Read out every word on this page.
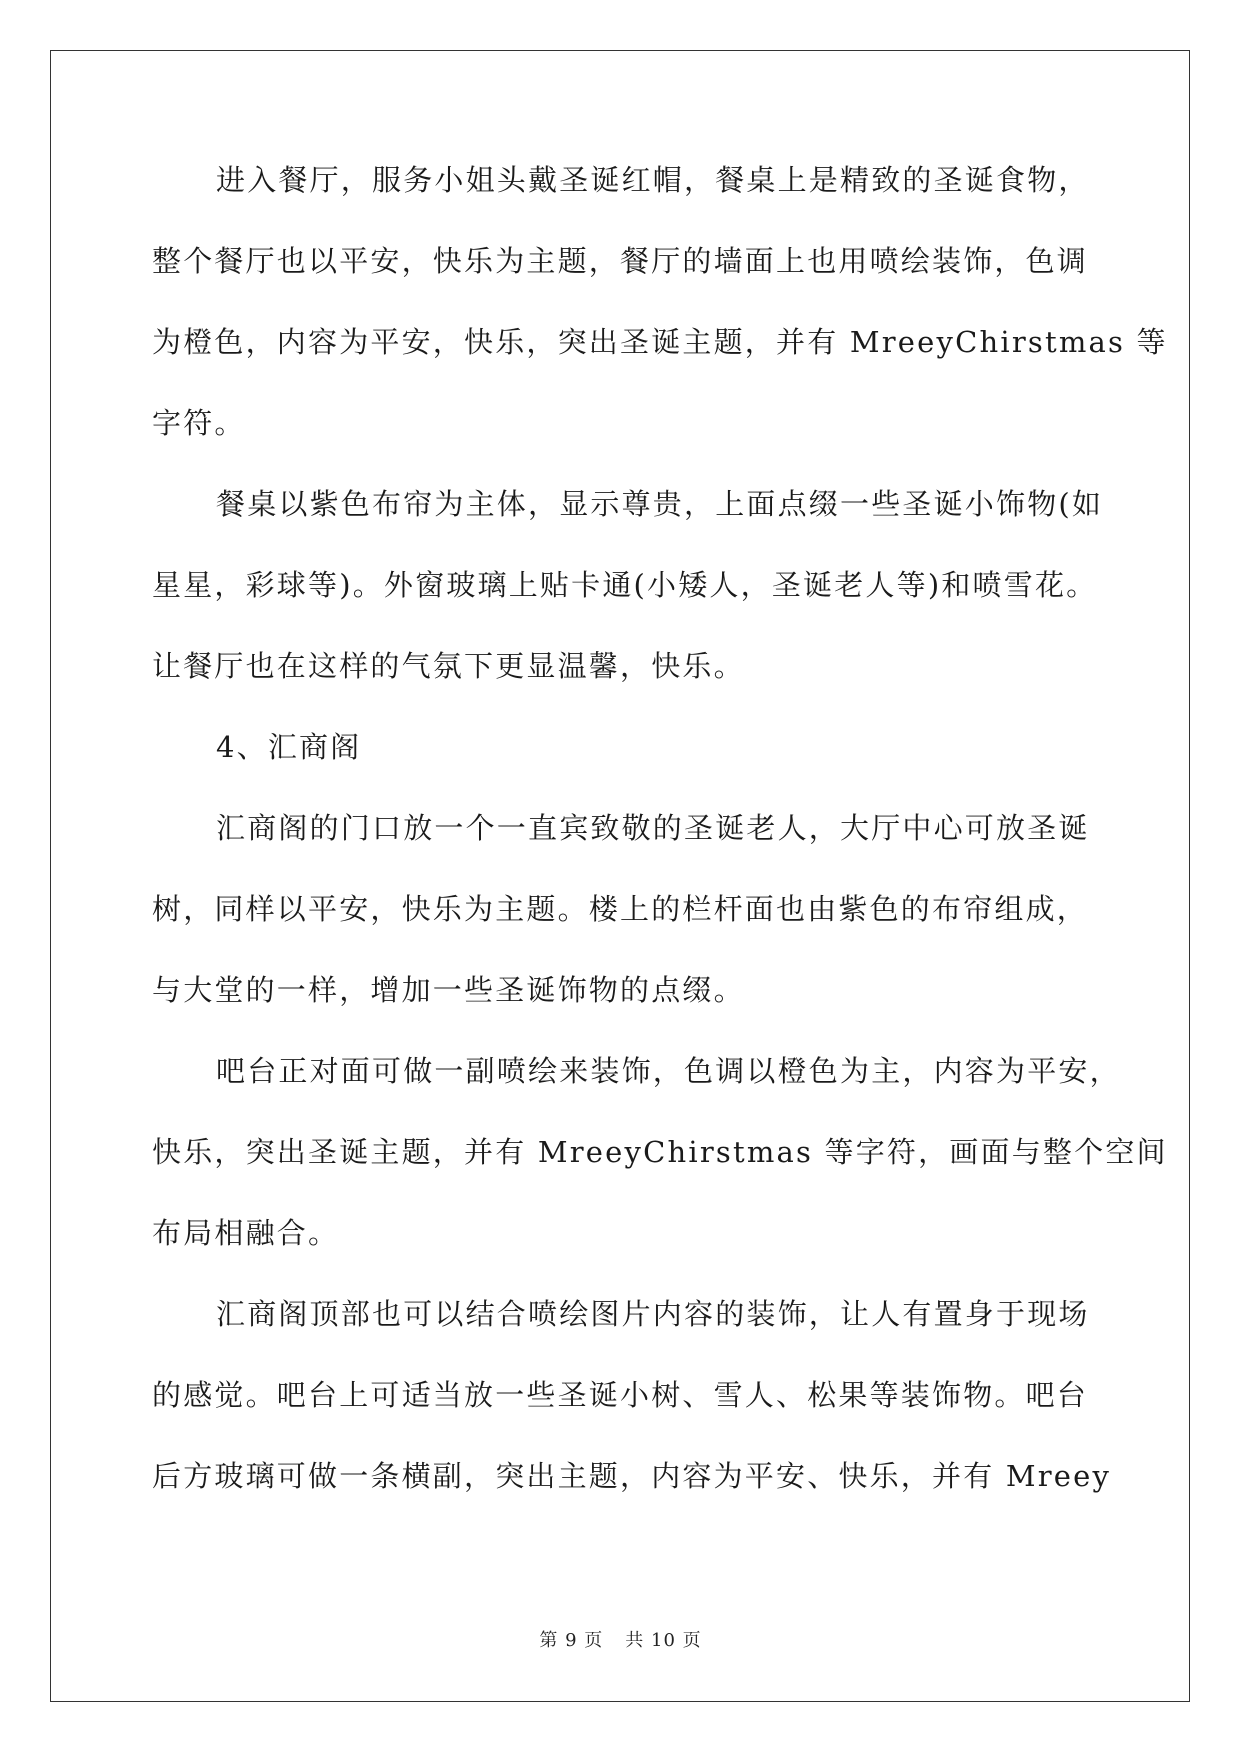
进入餐厅，服务小姐头戴圣诞红帽，餐桌上是精致的圣诞食物，
整个餐厅也以平安，快乐为主题，餐厅的墙面上也用喷绘装饰，色调
为橙色，内容为平安，快乐，突出圣诞主题，并有 MreeyChirstmas 等
字符。
餐桌以紫色布帘为主体，显示尊贵，上面点缀一些圣诞小饰物(如
星星，彩球等)。外窗玻璃上贴卡通(小矮人，圣诞老人等)和喷雪花。
让餐厅也在这样的气氛下更显温馨，快乐。
4、汇商阁
汇商阁的门口放一个一直宾致敬的圣诞老人，大厅中心可放圣诞
树，同样以平安，快乐为主题。楼上的栏杆面也由紫色的布帘组成，
与大堂的一样，增加一些圣诞饰物的点缀。
吧台正对面可做一副喷绘来装饰，色调以橙色为主，内容为平安，
快乐，突出圣诞主题，并有 MreeyChirstmas 等字符，画面与整个空间
布局相融合。
汇商阁顶部也可以结合喷绘图片内容的装饰，让人有置身于现场
的感觉。吧台上可适当放一些圣诞小树、雪人、松果等装饰物。吧台
后方玻璃可做一条横副，突出主题，内容为平安、快乐，并有 Mreey
第 9 页 共 10 页
